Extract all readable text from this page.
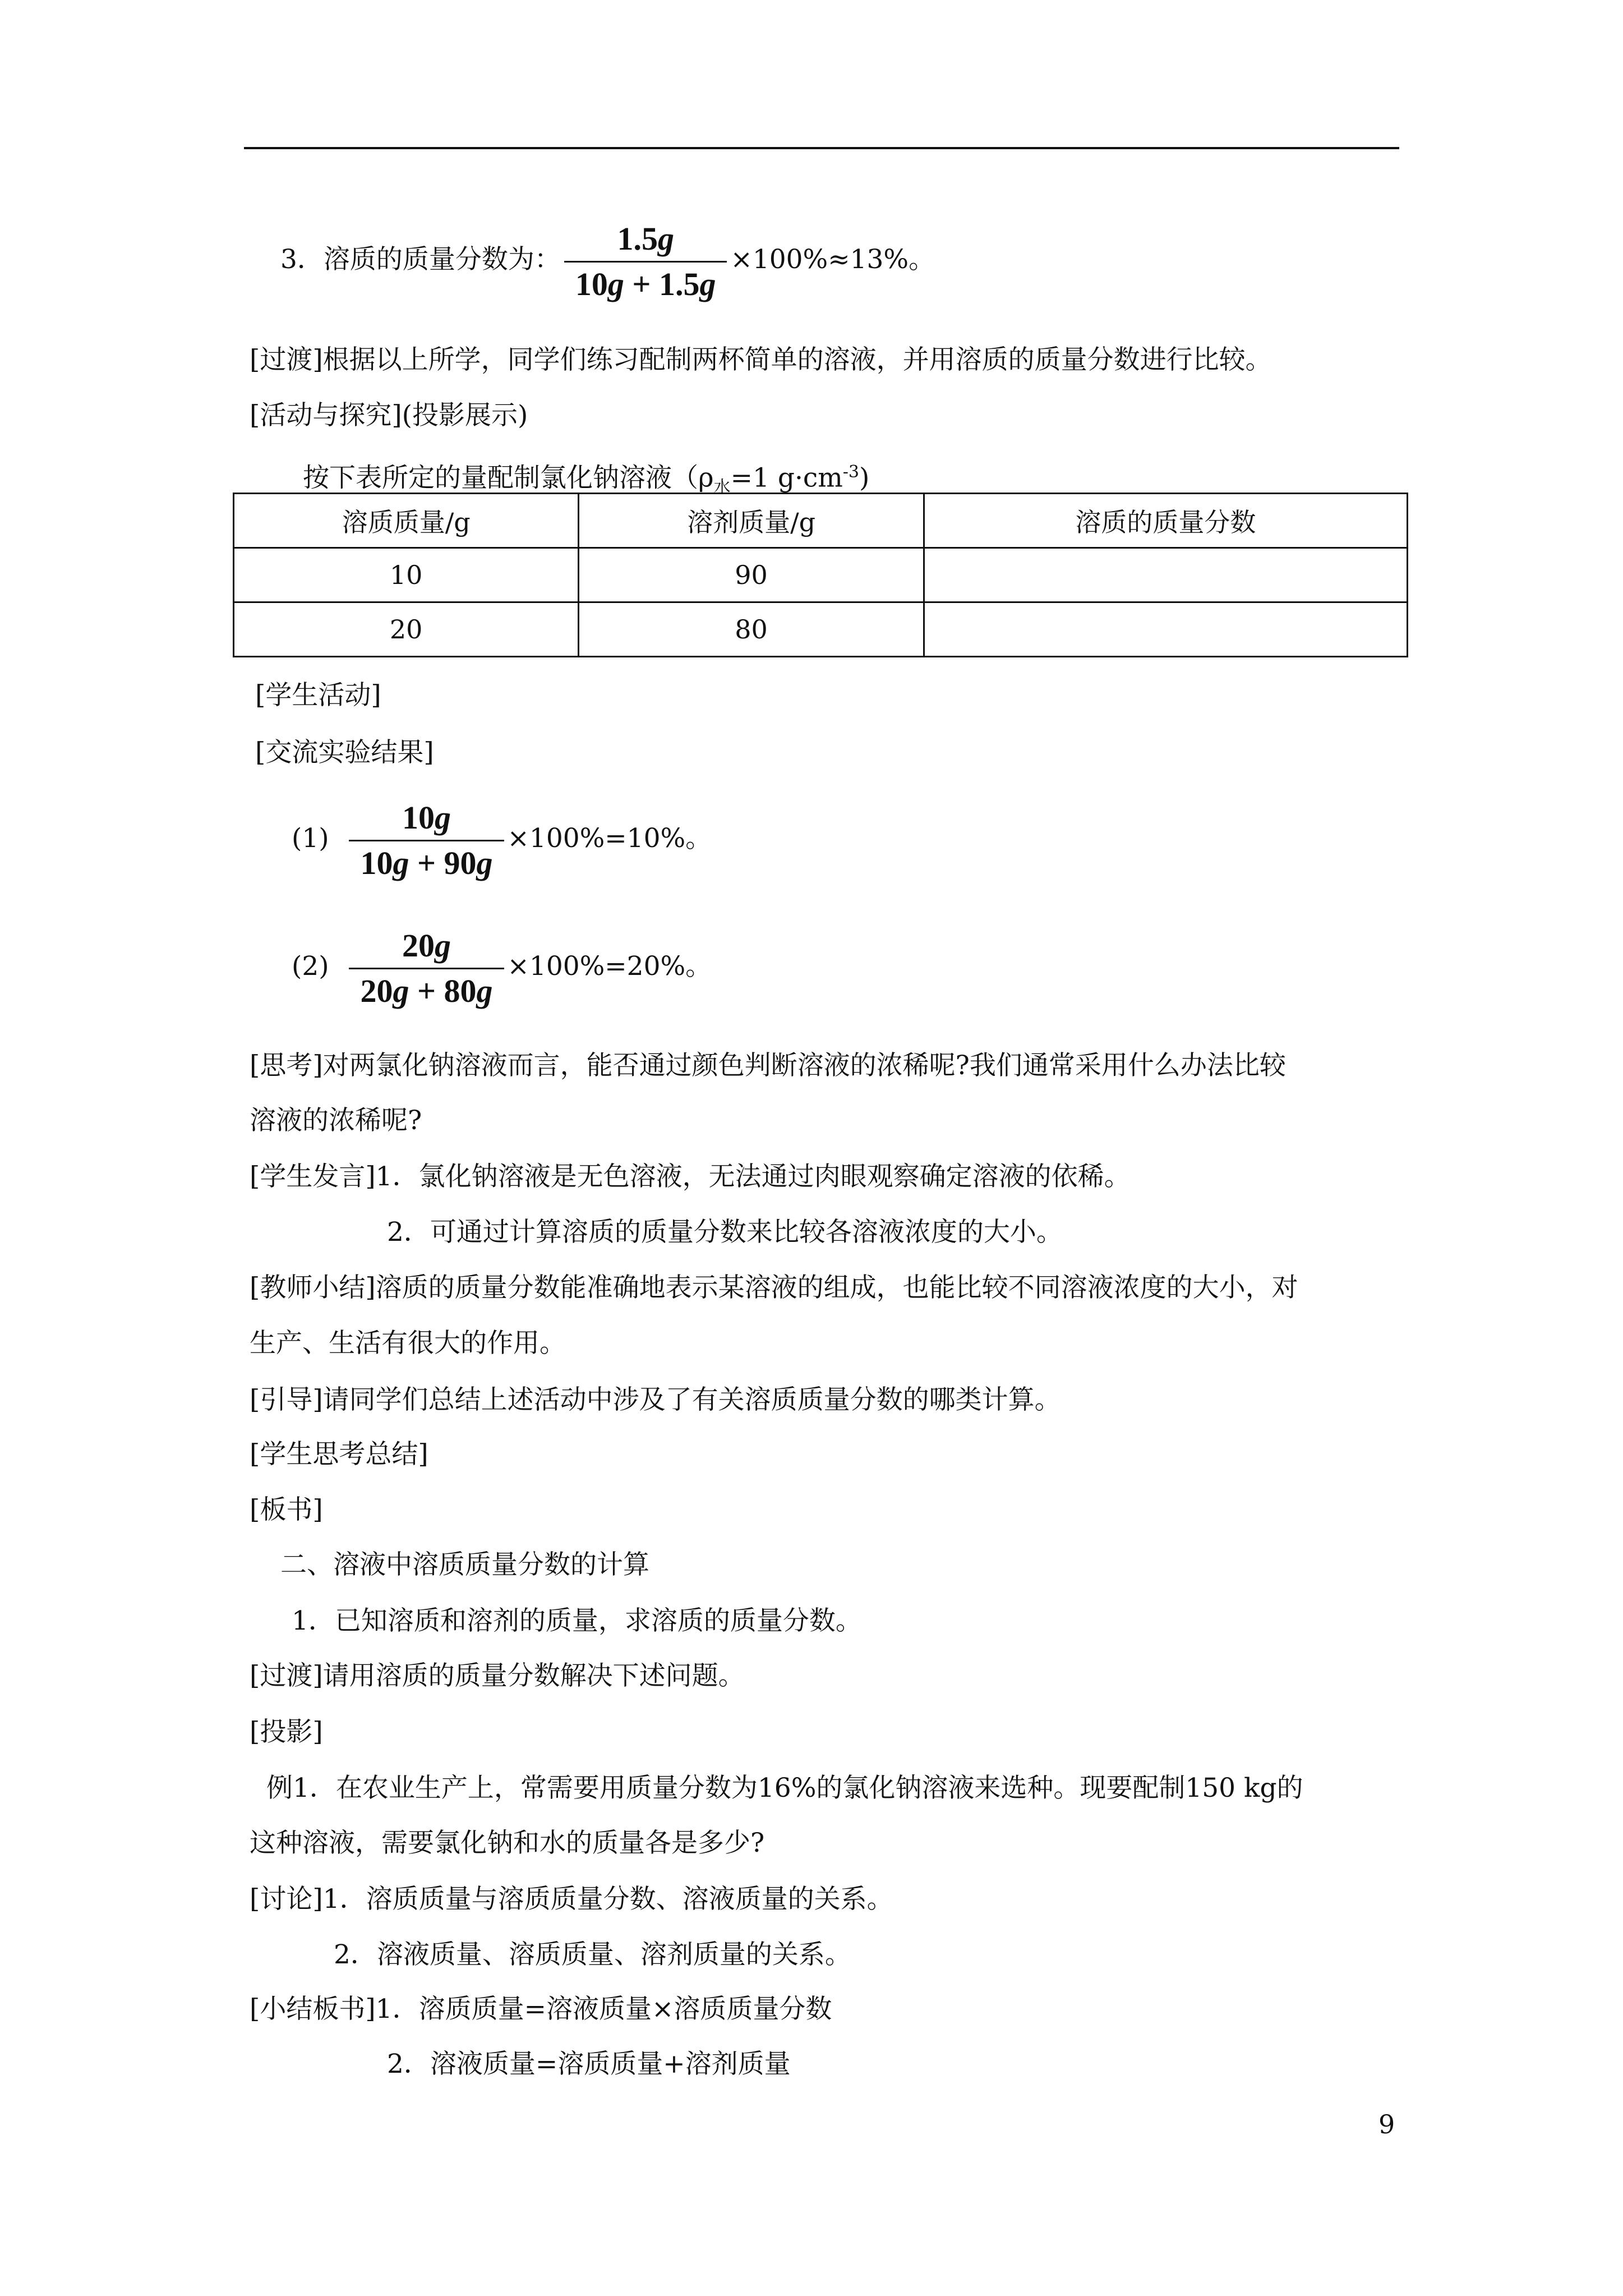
3．溶质的质量分数为： $\frac{1.5g}{10g + 1.5g} \times 100\%\approx 13\%$。
[过渡]根据以上所学，同学们练习配制两杯简单的溶液，并用溶质的质量分数进行比较。
[活动与探究](投影展示)
按下表所定的量配制氯化钠溶液（$\rho_水=1$ $g\cdot cm^{-3}$)
溶质质量/g	溶剂质量/g	溶质的质量分数
10	90	
20	80	
[学生活动]
[交流实验结果]
$(1) \frac{10g}{10g + 90g} \times 100\%=10\%$。
$(2) \frac{20g}{20g + 80g} \times 100\%=20\%$。
[思考]对两氯化钠溶液而言，能否通过颜色判断溶液的浓稀呢?我们通常采用什么办法比较
溶液的浓稀呢?
[学生发言]1．氯化钠溶液是无色溶液，无法通过肉眼观察确定溶液的依稀。
2．可通过计算溶质的质量分数来比较各溶液浓度的大小。
[教师小结]溶质的质量分数能准确地表示某溶液的组成，也能比较不同溶液浓度的大小，对
生产、生活有很大的作用。
[引导]请同学们总结上述活动中涉及了有关溶质质量分数的哪类计算。
[学生思考总结]
[板书]
二、溶液中溶质质量分数的计算
1．已知溶质和溶剂的质量，求溶质的质量分数。
[过渡]请用溶质的质量分数解决下述问题。
[投影]
例1．在农业生产上，常需要用质量分数为16%的氯化钠溶液来选种。现要配制150 kg的
这种溶液，需要氯化钠和水的质量各是多少?
[讨论]1．溶质质量与溶质质量分数、溶液质量的关系。
2．溶液质量、溶质质量、溶剂质量的关系。
[小结板书]1．溶质质量=溶液质量×溶质质量分数
2．溶液质量=溶质质量+溶剂质量
9
